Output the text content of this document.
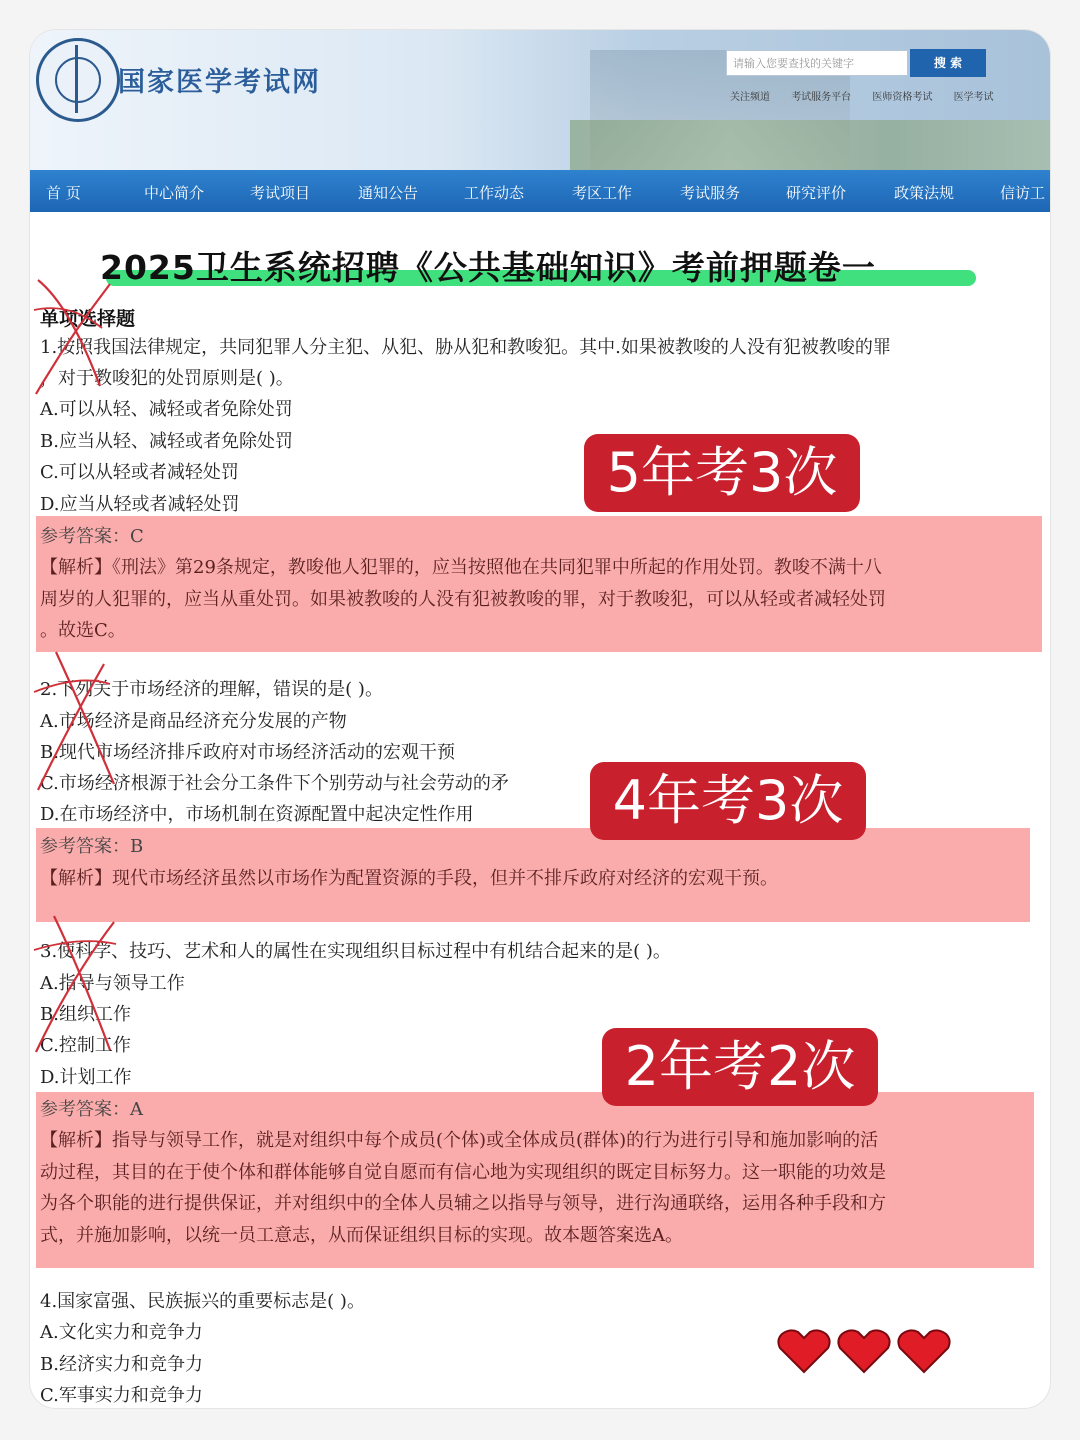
国家医学考试网
请输入您要查找的关键字	搜 索
关注频道 考试服务平台 医师资格考试 医学考试
首 页	中心简介	考试项目	通知公告	工作动态	考区工作	考试服务	研究评价	政策法规	信访工
2025卫生系统招聘《公共基础知识》考前押题卷一
单项选择题
1.按照我国法律规定，共同犯罪人分主犯、从犯、胁从犯和教唆犯。其中.如果被教唆的人没有犯被教唆的罪
，对于教唆犯的处罚原则是( )。
A.可以从轻、减轻或者免除处罚
B.应当从轻、减轻或者免除处罚
C.可以从轻或者减轻处罚
D.应当从轻或者减轻处罚
参考答案：C
【解析】《刑法》第29条规定，教唆他人犯罪的，应当按照他在共同犯罪中所起的作用处罚。教唆不满十八
周岁的人犯罪的，应当从重处罚。如果被教唆的人没有犯被教唆的罪，对于教唆犯，可以从轻或者减轻处罚
。故选C。
5年考3次
2.下列关于市场经济的理解，错误的是( )。
A.市场经济是商品经济充分发展的产物
B.现代市场经济排斥政府对市场经济活动的宏观干预
C.市场经济根源于社会分工条件下个别劳动与社会劳动的矛
D.在市场经济中，市场机制在资源配置中起决定性作用
参考答案：B
【解析】现代市场经济虽然以市场作为配置资源的手段，但并不排斥政府对经济的宏观干预。
4年考3次
3.使科学、技巧、艺术和人的属性在实现组织目标过程中有机结合起来的是( )。
A.指导与领导工作
B.组织工作
C.控制工作
D.计划工作
参考答案：A
【解析】指导与领导工作，就是对组织中每个成员(个体)或全体成员(群体)的行为进行引导和施加影响的活
动过程，其目的在于使个体和群体能够自觉自愿而有信心地为实现组织的既定目标努力。这一职能的功效是
为各个职能的进行提供保证，并对组织中的全体人员辅之以指导与领导，进行沟通联络，运用各种手段和方
式，并施加影响，以统一员工意志，从而保证组织目标的实现。故本题答案选A。
2年考2次
4.国家富强、民族振兴的重要标志是( )。
A.文化实力和竞争力
B.经济实力和竞争力
C.军事实力和竞争力
